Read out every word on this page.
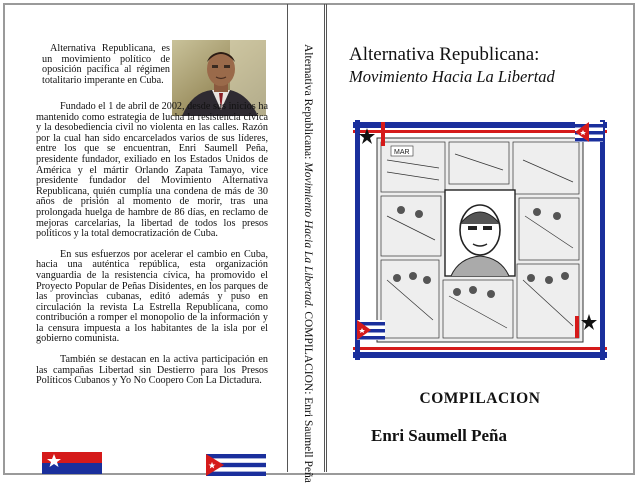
Alternativa Republicana, es un movimiento político de oposición pacífica al régimen totalitario imperante en Cuba.

Fundado el 1 de abril de 2002, desde sus inicios ha mantenido como estrategia de lucha la resistencia cívica y la desobediencia civil no violenta en las calles. Razón por la cual han sido encarcelados varios de sus líderes, entre los que se encuentran, Enri Saumell Peña, presidente fundador, exiliado en los Estados Unidos de América y el mártir Orlando Zapata Tamayo, vice presidente fundador del Movimiento Alternativa Republicana, quién cumplía una condena de más de 30 años de prisión al momento de morir, tras una prolongada huelga de hambre de 86 días, en reclamo de mejoras carcelarias, la libertad de todos los presos políticos y la total democratización de Cuba.

En sus esfuerzos por acelerar el cambio en Cuba, hacia una auténtica república, esta organización vanguardia de la resistencia cívica, ha promovido el Proyecto Popular de Peñas Disidentes, en los parques de las provincias cubanas, editó además y puso en circulación la revista La Estrella Republicana, como contribución a romper el monopolio de la información y la censura impuesta a los habitantes de la isla por el gobierno comunista.

También se destacan en la activa participación en las campañas Libertad sin Destierro para los Presos Políticos Cubanos y Yo No Coopero Con La Dictadura.

Alternativa Republicana: Movimiento Hacia La Libertad. COMPILACION: Enri Saumell Peña
Alternativa Republicana:
Movimiento Hacia La Libertad
MAR
COMPILACION
Enri Saumell Peña
